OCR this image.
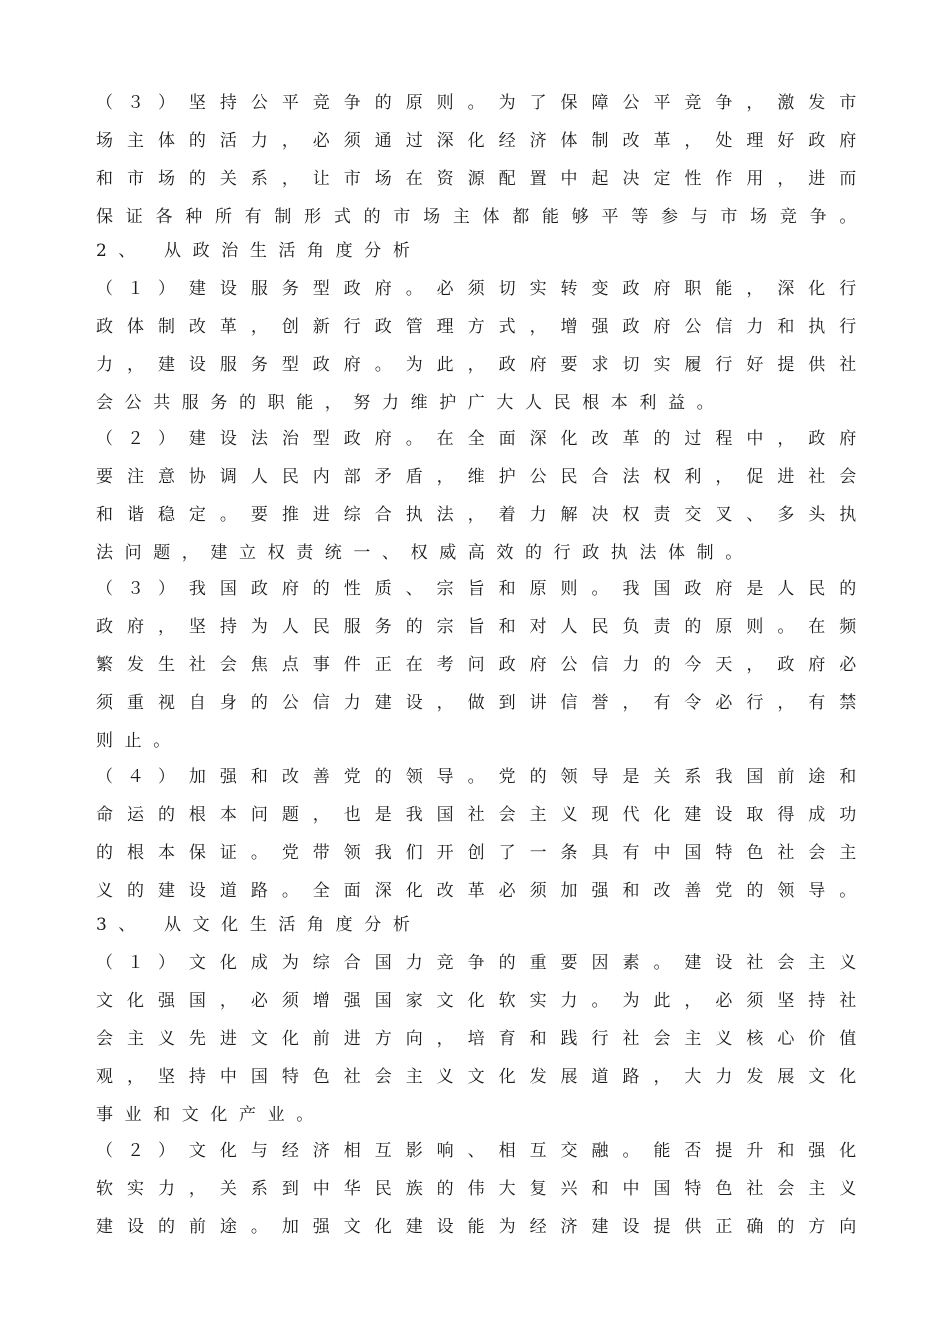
（ ３ ） 坚 持 公 平 竞 争 的 原 则 。 为 了 保 障 公 平 竞 争 ， 激 发 市
场 主 体 的 活 力 ， 必 须 通 过 深 化 经 济 体 制 改 革 ， 处 理 好 政 府
和 市 场 的 关 系 ， 让 市 场 在 资 源 配 置 中 起 决 定 性 作 用 ， 进 而
保 证 各 种 所 有 制 形 式 的 市 场 主 体 都 能 够 平 等 参 与 市 场 竞 争 。
2、 从政治生活角度分析
（ １ ） 建 设 服 务 型 政 府 。 必 须 切 实 转 变 政 府 职 能 ， 深 化 行
政 体 制 改 革 ， 创 新 行 政 管 理 方 式 ， 增 强 政 府 公 信 力 和 执 行
力 ， 建 设 服 务 型 政 府 。 为 此 ， 政 府 要 求 切 实 履 行 好 提 供 社
会公共服务的职能，努力维护广大人民根本利益。
（ ２ ） 建 设 法 治 型 政 府 。 在 全 面 深 化 改 革 的 过 程 中 ， 政 府
要 注 意 协 调 人 民 内 部 矛 盾 ， 维 护 公 民 合 法 权 利 ， 促 进 社 会
和 谐 稳 定 。 要 推 进 综 合 执 法 ， 着 力 解 决 权 责 交 叉 、 多 头 执
法问题，建立权责统一、权威高效的行政执法体制。
（ ３ ） 我 国 政 府 的 性 质 、 宗 旨 和 原 则 。 我 国 政 府 是 人 民 的
政 府 ， 坚 持 为 人 民 服 务 的 宗 旨 和 对 人 民 负 责 的 原 则 。 在 频
繁 发 生 社 会 焦 点 事 件 正 在 考 问 政 府 公 信 力 的 今 天 ， 政 府 必
须 重 视 自 身 的 公 信 力 建 设 ， 做 到 讲 信 誉 ， 有 令 必 行 ， 有 禁
则止。
（ ４ ） 加 强 和 改 善 党 的 领 导 。 党 的 领 导 是 关 系 我 国 前 途 和
命 运 的 根 本 问 题 ， 也 是 我 国 社 会 主 义 现 代 化 建 设 取 得 成 功
的 根 本 保 证 。 党 带 领 我 们 开 创 了 一 条 具 有 中 国 特 色 社 会 主
义 的 建 设 道 路 。 全 面 深 化 改 革 必 须 加 强 和 改 善 党 的 领 导 。
3、 从文化生活角度分析
（ １ ） 文 化 成 为 综 合 国 力 竞 争 的 重 要 因 素 。 建 设 社 会 主 义
文 化 强 国 ， 必 须 增 强 国 家 文 化 软 实 力 。 为 此 ， 必 须 坚 持 社
会 主 义 先 进 文 化 前 进 方 向 ， 培 育 和 践 行 社 会 主 义 核 心 价 值
观 ， 坚 持 中 国 特 色 社 会 主 义 文 化 发 展 道 路 ， 大 力 发 展 文 化
事业和文化产业。
（ ２ ） 文 化 与 经 济 相 互 影 响 、 相 互 交 融 。 能 否 提 升 和 强 化
软 实 力 ， 关 系 到 中 华 民 族 的 伟 大 复 兴 和 中 国 特 色 社 会 主 义
建 设 的 前 途 。 加 强 文 化 建 设 能 为 经 济 建 设 提 供 正 确 的 方 向
